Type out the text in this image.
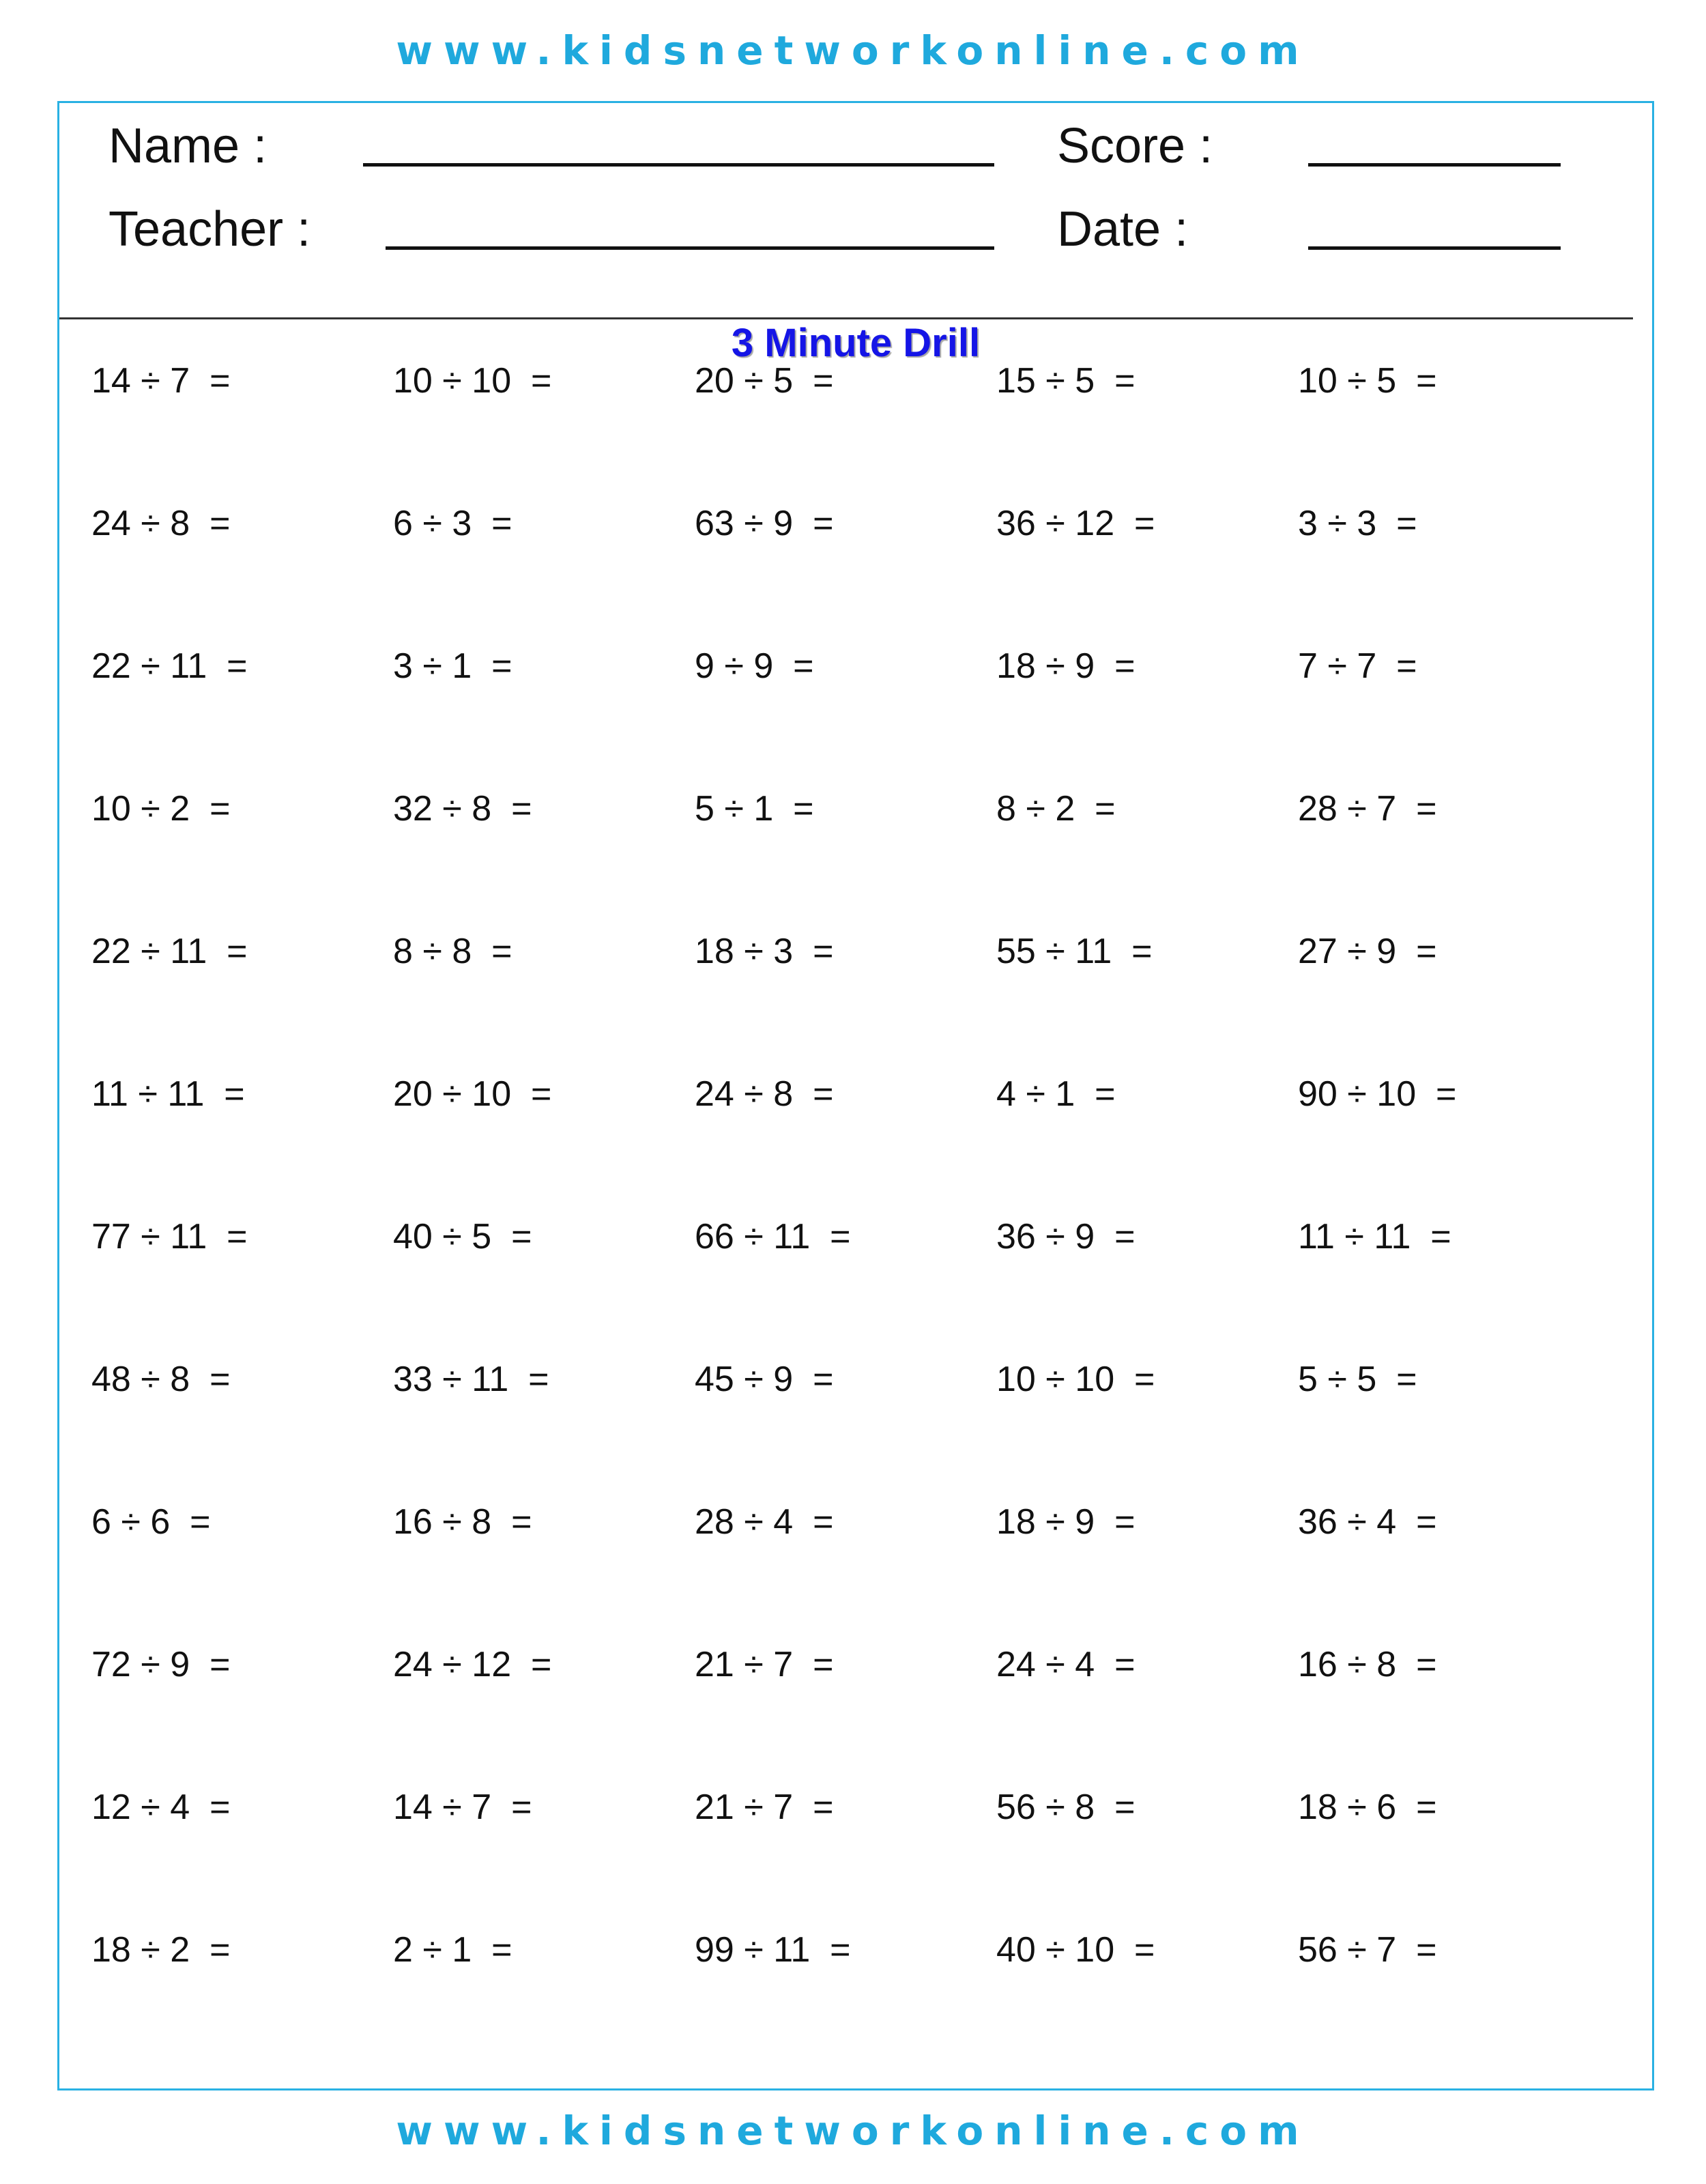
www.kidsnetworkonline.com
Name :	Score :
Teacher :	Date :
3 Minute Drill
14 ÷ 7  =	10 ÷ 10  =	20 ÷ 5  =	15 ÷ 5  =	10 ÷ 5  =
24 ÷ 8  =	6 ÷ 3  =	63 ÷ 9  =	36 ÷ 12  =	3 ÷ 3  =
22 ÷ 11  =	3 ÷ 1  =	9 ÷ 9  =	18 ÷ 9  =	7 ÷ 7  =
10 ÷ 2  =	32 ÷ 8  =	5 ÷ 1  =	8 ÷ 2  =	28 ÷ 7  =
22 ÷ 11  =	8 ÷ 8  =	18 ÷ 3  =	55 ÷ 11  =	27 ÷ 9  =
11 ÷ 11  =	20 ÷ 10  =	24 ÷ 8  =	4 ÷ 1  =	90 ÷ 10  =
77 ÷ 11  =	40 ÷ 5  =	66 ÷ 11  =	36 ÷ 9  =	11 ÷ 11  =
48 ÷ 8  =	33 ÷ 11  =	45 ÷ 9  =	10 ÷ 10  =	5 ÷ 5  =
6 ÷ 6  =	16 ÷ 8  =	28 ÷ 4  =	18 ÷ 9  =	36 ÷ 4  =
72 ÷ 9  =	24 ÷ 12  =	21 ÷ 7  =	24 ÷ 4  =	16 ÷ 8  =
12 ÷ 4  =	14 ÷ 7  =	21 ÷ 7  =	56 ÷ 8  =	18 ÷ 6  =
18 ÷ 2  =	2 ÷ 1  =	99 ÷ 11  =	40 ÷ 10  =	56 ÷ 7  =
www.kidsnetworkonline.com
